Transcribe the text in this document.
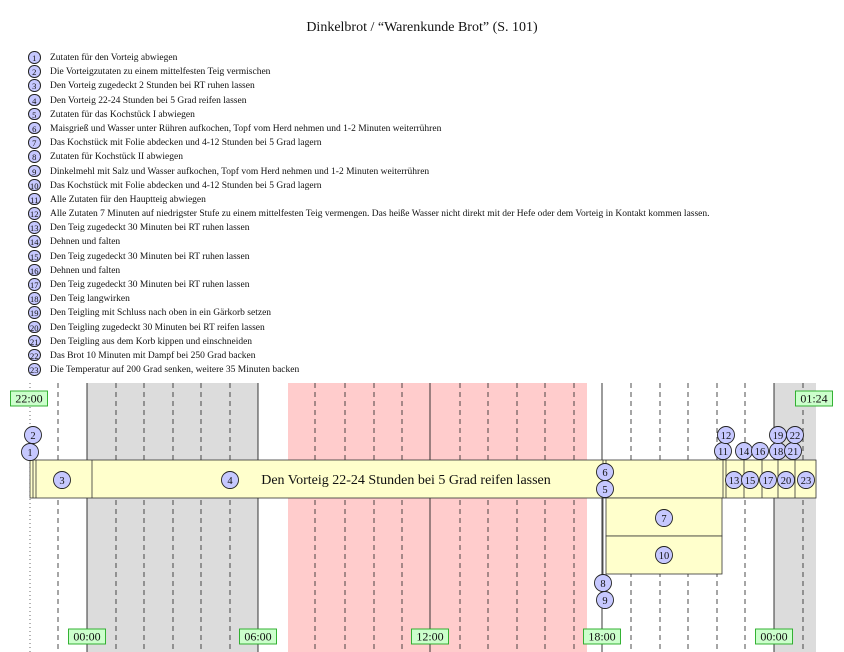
Dinkelbrot / “Warenkunde Brot” (S. 101)
1	Zutaten für den Vorteig abwiegen
2	Die Vorteigzutaten zu einem mittelfesten Teig vermischen
3	Den Vorteig zugedeckt 2 Stunden bei RT ruhen lassen
4	Den Vorteig 22-24 Stunden bei 5 Grad reifen lassen
5	Zutaten für das Kochstück I abwiegen
6	Maisgrieß und Wasser unter Rühren aufkochen, Topf vom Herd nehmen und 1-2 Minuten weiterrühren
7	Das Kochstück mit Folie abdecken und 4-12 Stunden bei 5 Grad lagern
8	Zutaten für Kochstück II abwiegen
9	Dinkelmehl mit Salz und Wasser aufkochen, Topf vom Herd nehmen und 1-2 Minuten weiterrühren
10 Das Kochstück mit Folie abdecken und 4-12 Stunden bei 5 Grad lagern
11 Alle Zutaten für den Hauptteig abwiegen
12 Alle Zutaten 7 Minuten auf niedrigster Stufe zu einem mittelfesten Teig vermengen. Das heiße Wasser nicht direkt mit der Hefe oder dem Vorteig in Kontakt kommen lassen.
13 Den Teig zugedeckt 30 Minuten bei RT ruhen lassen
14 Dehnen und falten
15 Den Teig zugedeckt 30 Minuten bei RT ruhen lassen
16 Dehnen und falten
17 Den Teig zugedeckt 30 Minuten bei RT ruhen lassen
18 Den Teig langwirken
19 Den Teigling mit Schluss nach oben in ein Gärkorb setzen
20 Den Teigling zugedeckt 30 Minuten bei RT reifen lassen
21 Den Teigling aus dem Korb kippen und einschneiden
22 Das Brot 10 Minuten mit Dampf bei 250 Grad backen
23 Die Temperatur auf 200 Grad senken, weitere 35 Minuten backen
Den Vorteig 22-24 Stunden bei 5 Grad reifen lassen
1
2
3	4
5
6
7
10
8
9
11
12
13
14
15
16
17
18
19
20
21
22
23
22:00	01:24
00:00	06:00	12:00	18:00	00:00
